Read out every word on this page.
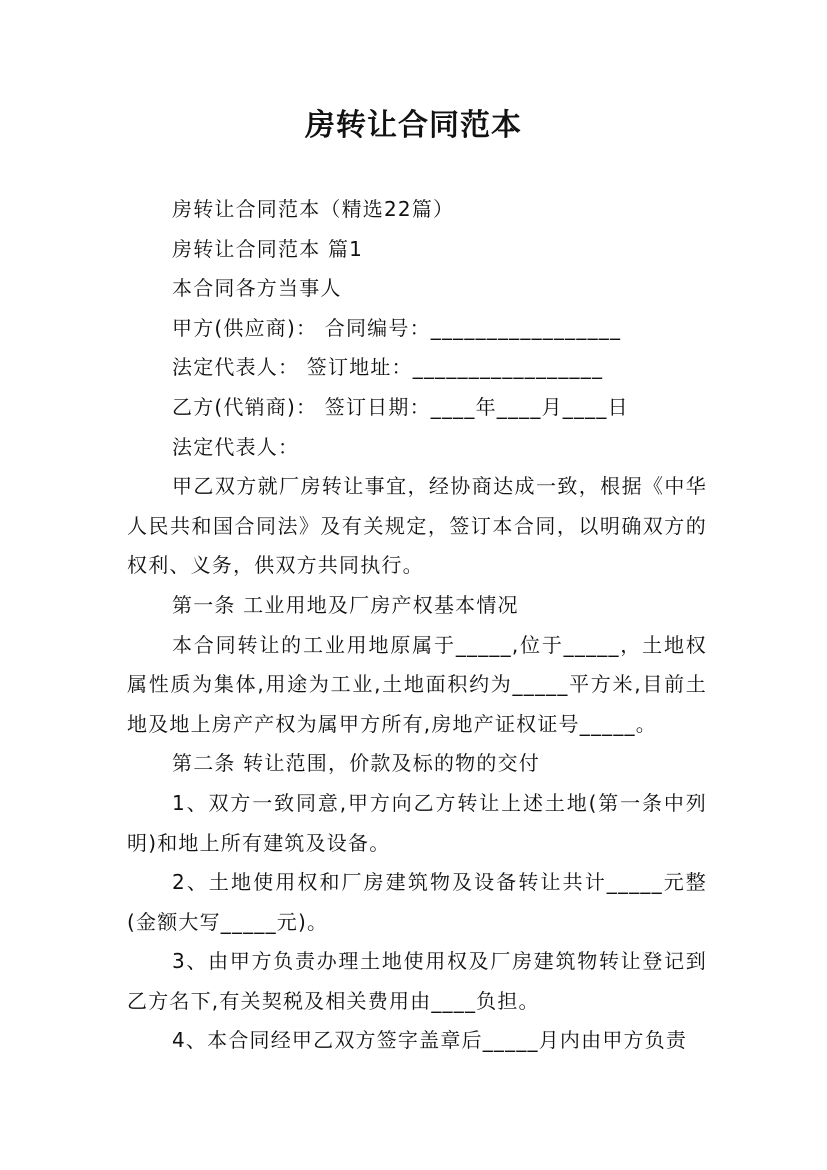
房转让合同范本

房转让合同范本（精选22篇）

房转让合同范本 篇1

本合同各方当事人

甲方(供应商)： 合同编号：_________________

法定代表人： 签订地址：_________________

乙方(代销商)： 签订日期：____年____月____日

法定代表人：

甲乙双方就厂房转让事宜，经协商达成一致，根据《中华人民共和国合同法》及有关规定，签订本合同，以明确双方的权利、义务，供双方共同执行。

第一条 工业用地及厂房产权基本情况

本合同转让的工业用地原属于_____,位于_____，土地权属性质为集体,用途为工业,土地面积约为_____平方米,目前土地及地上房产产权为属甲方所有,房地产证权证号_____。

第二条 转让范围，价款及标的物的交付

1、双方一致同意,甲方向乙方转让上述土地(第一条中列明)和地上所有建筑及设备。

2、土地使用权和厂房建筑物及设备转让共计_____元整(金额大写_____元)。

3、由甲方负责办理土地使用权及厂房建筑物转让登记到乙方名下,有关契税及相关费用由____负担。

4、本合同经甲乙双方签字盖章后_____月内由甲方负责
